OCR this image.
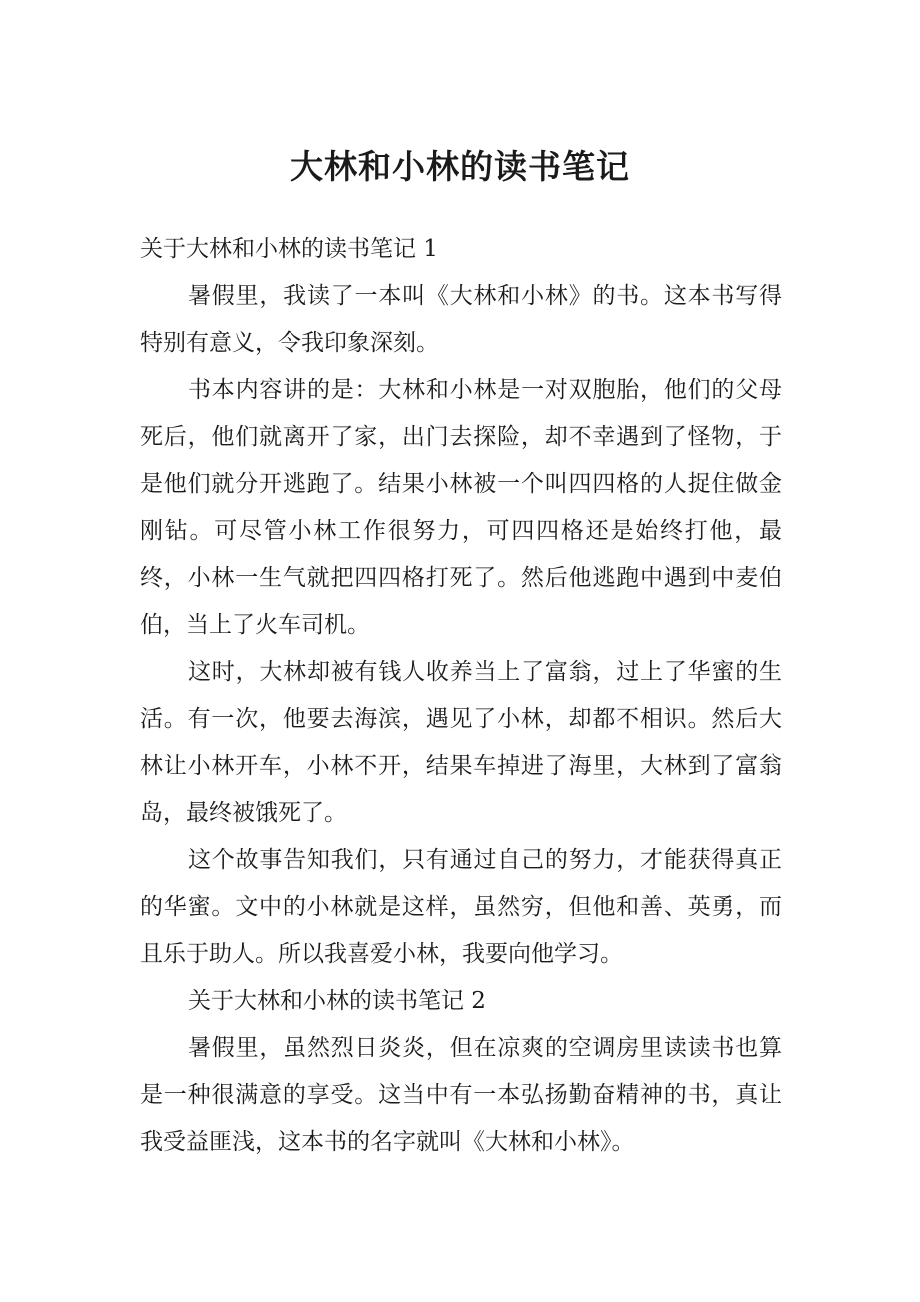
大林和小林的读书笔记

关于大林和小林的读书笔记 1

暑假里，我读了一本叫《大林和小林》的书。这本书写得特别有意义，令我印象深刻。

书本内容讲的是：大林和小林是一对双胞胎，他们的父母死后，他们就离开了家，出门去探险，却不幸遇到了怪物，于是他们就分开逃跑了。结果小林被一个叫四四格的人捉住做金刚钻。可尽管小林工作很努力，可四四格还是始终打他，最终，小林一生气就把四四格打死了。然后他逃跑中遇到中麦伯伯，当上了火车司机。

这时，大林却被有钱人收养当上了富翁，过上了华蜜的生活。有一次，他要去海滨，遇见了小林，却都不相识。然后大林让小林开车，小林不开，结果车掉进了海里，大林到了富翁岛，最终被饿死了。

这个故事告知我们，只有通过自己的努力，才能获得真正的华蜜。文中的小林就是这样，虽然穷，但他和善、英勇，而且乐于助人。所以我喜爱小林，我要向他学习。

关于大林和小林的读书笔记 2

暑假里，虽然烈日炎炎，但在凉爽的空调房里读读书也算是一种很满意的享受。这当中有一本弘扬勤奋精神的书，真让我受益匪浅，这本书的名字就叫《大林和小林》。
